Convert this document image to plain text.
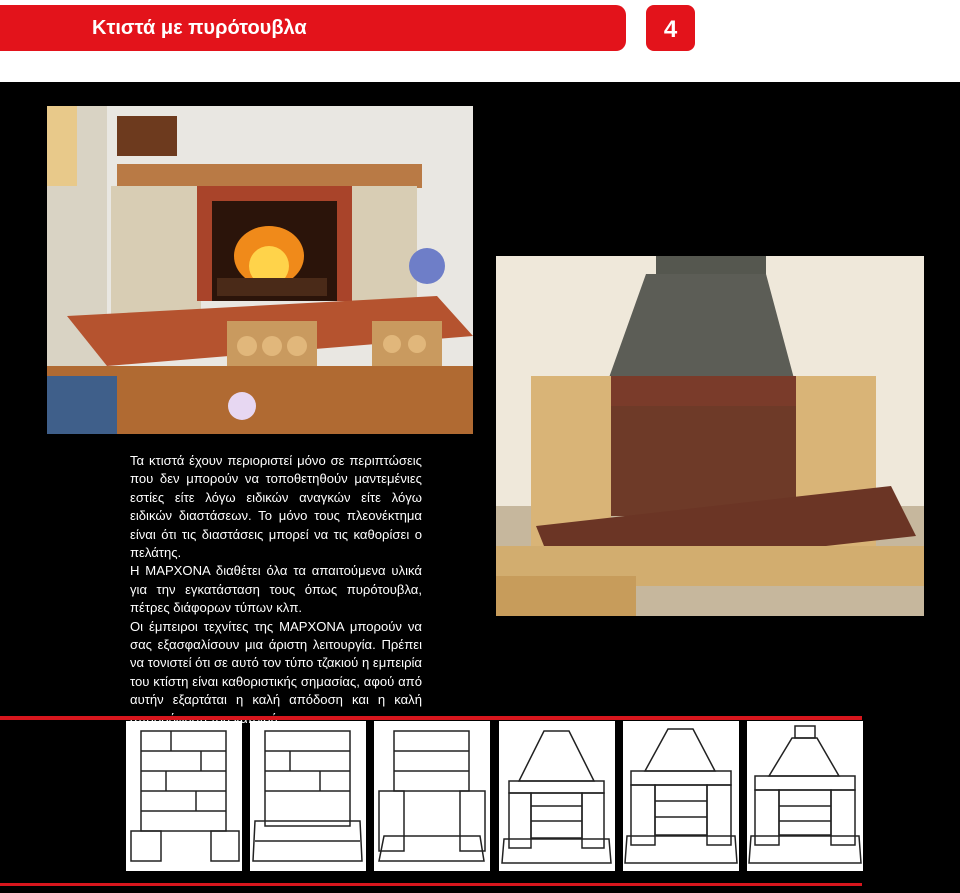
Κτιστά με πυρότουβλα	4

Τα κτιστά έχουν περιοριστεί μόνο σε περιπτώσεις που δεν μπορούν να τοποθετηθούν μαντεμένιες εστίες είτε λόγω ειδικών αναγκών είτε λόγω ειδικών διαστάσεων. Το μόνο τους πλεονέκτημα είναι ότι τις διαστάσεις μπορεί να τις καθορίσει ο πελάτης.

Η ΜΑΡΧΟΝΑ διαθέτει όλα τα απαιτούμενα υλικά για την εγκατάσταση τους όπως πυρότουβλα, πέτρες διάφορων τύπων κλπ.

Οι έμπειροι τεχνίτες της ΜΑΡΧΟΝΑ μπορούν να σας εξασφαλίσουν μια άριστη λειτουργία. Πρέπει να τονιστεί ότι σε αυτό τον τύπο τζακιού η εμπειρία του κτίστη είναι καθοριστικής σημασίας, αφού από αυτήν εξαρτάται η καλή απόδοση και η καλή
